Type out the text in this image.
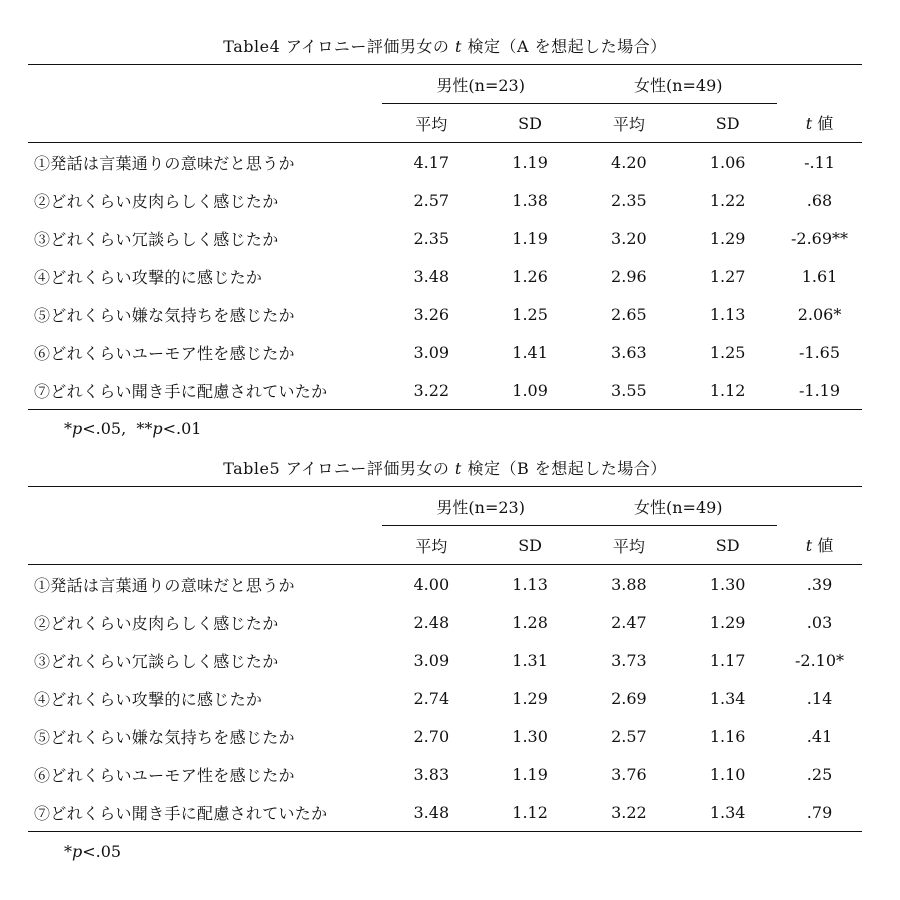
Table4 アイロニー評価男女の t 検定（A を想起した場合）
	男性(n=23)		女性(n=49)		
	平均	SD	平均	SD	t 値
①発話は言葉通りの意味だと思うか	4.17	1.19	4.20	1.06	-.11
②どれくらい皮肉らしく感じたか	2.57	1.38	2.35	1.22	.68
③どれくらい冗談らしく感じたか	2.35	1.19	3.20	1.29	-2.69**
④どれくらい攻撃的に感じたか	3.48	1.26	2.96	1.27	1.61
⑤どれくらい嫌な気持ちを感じたか	3.26	1.25	2.65	1.13	2.06*
⑥どれくらいユーモア性を感じたか	3.09	1.41	3.63	1.25	-1.65
⑦どれくらい聞き手に配慮されていたか	3.22	1.09	3.55	1.12	-1.19
*p<.05, **p<.01
Table5 アイロニー評価男女の t 検定（B を想起した場合）
	男性(n=23)		女性(n=49)		
	平均	SD	平均	SD	t 値
①発話は言葉通りの意味だと思うか	4.00	1.13	3.88	1.30	.39
②どれくらい皮肉らしく感じたか	2.48	1.28	2.47	1.29	.03
③どれくらい冗談らしく感じたか	3.09	1.31	3.73	1.17	-2.10*
④どれくらい攻撃的に感じたか	2.74	1.29	2.69	1.34	.14
⑤どれくらい嫌な気持ちを感じたか	2.70	1.30	2.57	1.16	.41
⑥どれくらいユーモア性を感じたか	3.83	1.19	3.76	1.10	.25
⑦どれくらい聞き手に配慮されていたか	3.48	1.12	3.22	1.34	.79
*p<.05
